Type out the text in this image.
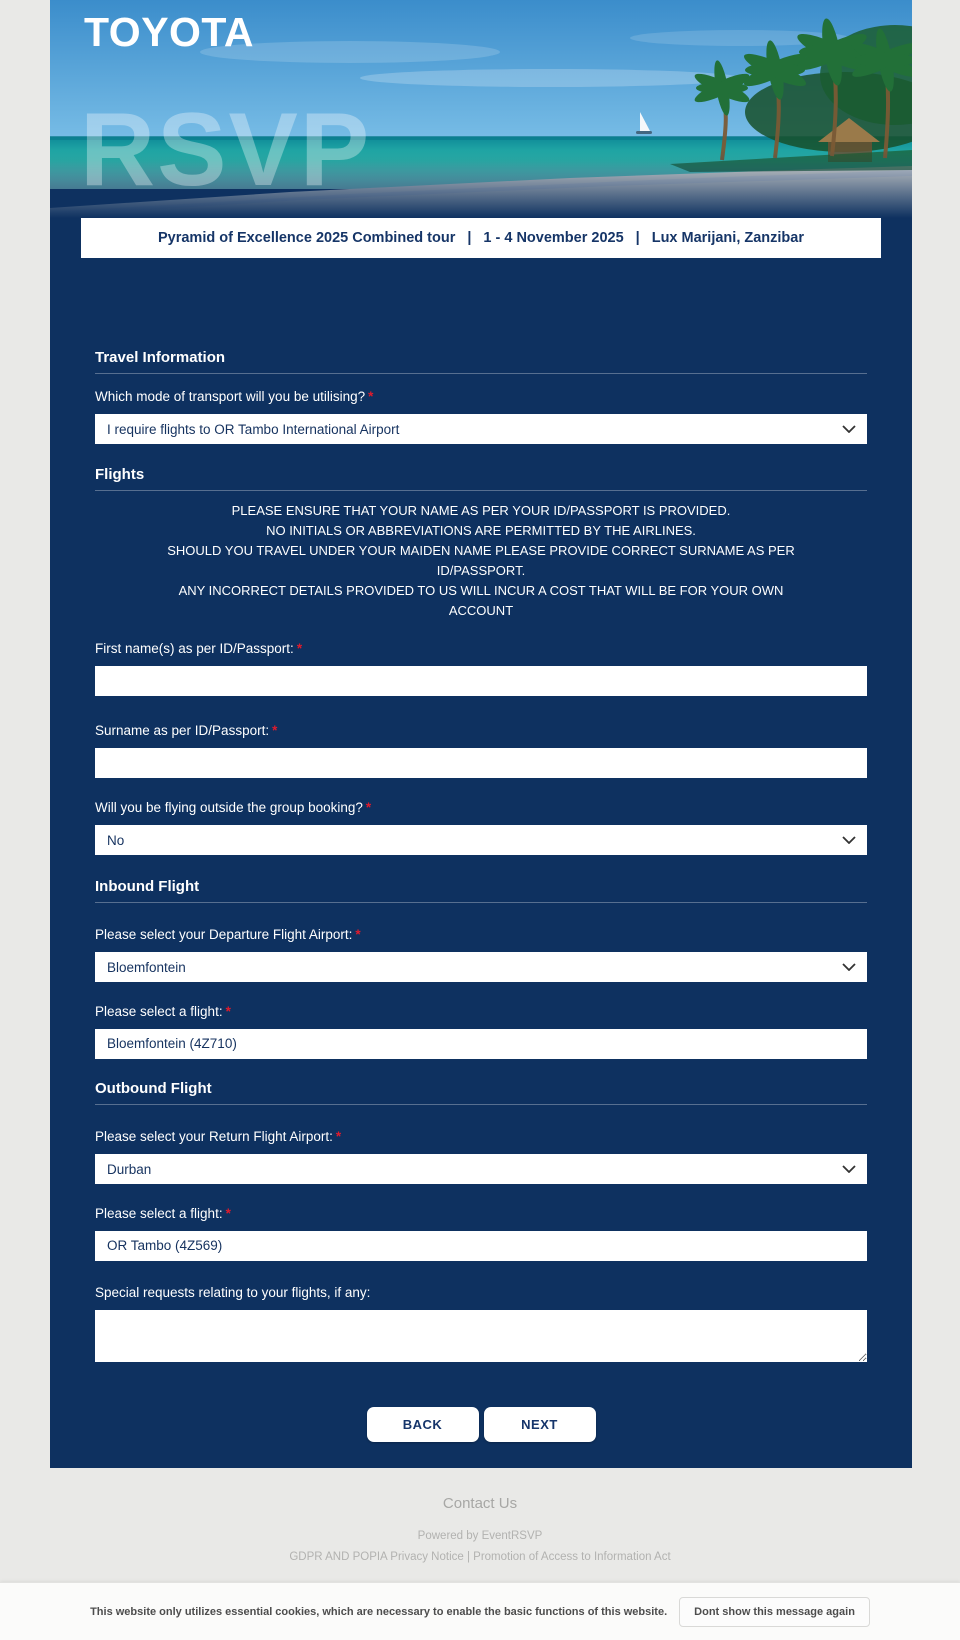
TOYOTA
RSVP
Pyramid of Excellence 2025 Combined tour | 1 - 4 November 2025 | Lux Marijani, Zanzibar
Travel Information
Which mode of transport will you be utilising? *
I require flights to OR Tambo International Airport
Flights
PLEASE ENSURE THAT YOUR NAME AS PER YOUR ID/PASSPORT IS PROVIDED.
NO INITIALS OR ABBREVIATIONS ARE PERMITTED BY THE AIRLINES.
SHOULD YOU TRAVEL UNDER YOUR MAIDEN NAME PLEASE PROVIDE CORRECT SURNAME AS PER
ID/PASSPORT.
ANY INCORRECT DETAILS PROVIDED TO US WILL INCUR A COST THAT WILL BE FOR YOUR OWN
ACCOUNT
First name(s) as per ID/Passport: *
Surname as per ID/Passport: *
Will you be flying outside the group booking? *
No
Inbound Flight
Please select your Departure Flight Airport: *
Bloemfontein
Please select a flight: *
Bloemfontein (4Z710)
Outbound Flight
Please select your Return Flight Airport: *
Durban
Please select a flight: *
OR Tambo (4Z569)
Special requests relating to your flights, if any:
BACK	NEXT
Contact Us
Powered by EventRSVP
GDPR AND POPIA Privacy Notice | Promotion of Access to Information Act
This website only utilizes essential cookies, which are necessary to enable the basic functions of this website.	Dont show this message again
